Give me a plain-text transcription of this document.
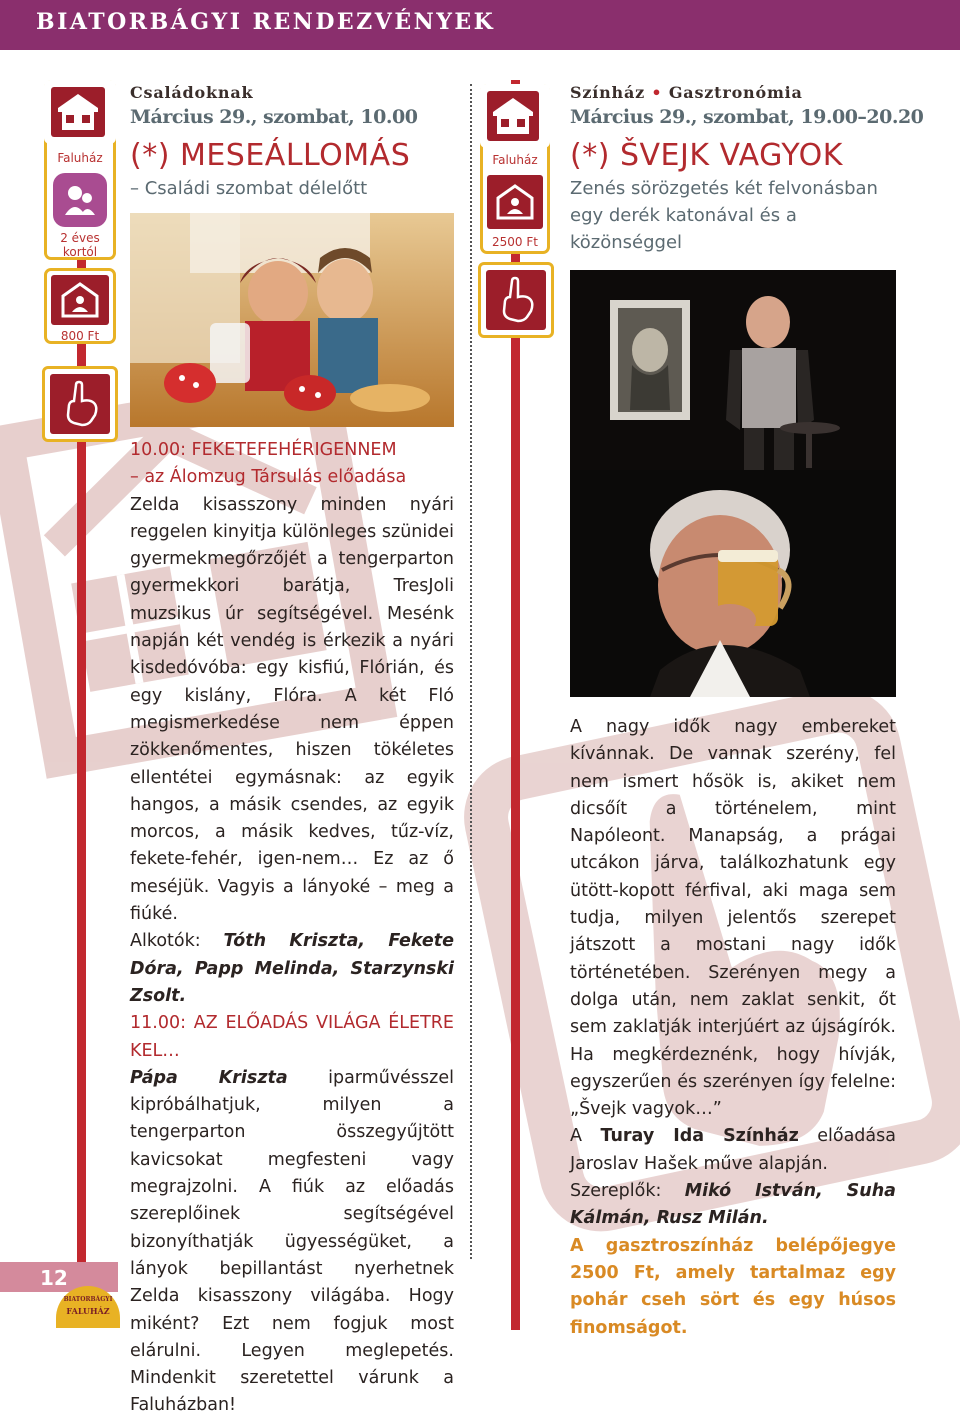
BIATORBÁGYI RENDEZVÉNYEK
Faluház
2 éves
kortól
800 Ft
Faluház
2500 Ft
Családoknak
Március 29., szombat, 10.00
(*) MESEÁLLOMÁS
– Családi szombat délelőtt

10.00: FEKETEFEHÉRIGENNEM

– az Álomzug Társulás előadása

Zelda kisasszony minden nyári reggelen kinyitja különleges szünidei gyermekmegőrzőjét a tengerparton gyermekkori barátja, TresJoli muzsikus úr segítségével. Mesénk napján két vendég is érkezik a nyári kisdedóvóba: egy kisfiú, Flórián, és egy kislány, Flóra. A két Fló megismerkedése nem éppen zökkenőmentes, hiszen tökéletes ellentétei egymásnak: az egyik hangos, a másik csendes, az egyik morcos, a másik kedves, tűz-víz, fekete-fehér, igen-nem… Ez az ő meséjük. Vagyis a lányoké – meg a fiúké.

Alkotók: Tóth Kriszta, Fekete Dóra, Papp Melinda, Starzynski Zsolt.

11.00: AZ ELŐADÁS VILÁGA ÉLETRE KEL…

Pápa Kriszta iparművésszel kipróbálhatjuk, milyen a tengerparton összegyűjtött kavicsokat megfesteni vagy megrajzolni. A fiúk az előadás szereplőinek segítségével bizonyíthatják ügyességüket, a lányok bepillantást nyerhetnek Zelda kisasszony világába. Hogy miként? Ezt nem fogjuk most elárulni. Legyen meglepetés. Mindenkit szeretettel várunk a Faluházban!

Színház • Gasztronómia
Március 29., szombat, 19.00–20.20
(*) ŠVEJK VAGYOK
Zenés sörözgetés két felvonásban egy derék katonával és a közönséggel

A nagy idők nagy embereket kívánnak. De vannak szerény, fel nem ismert hősök is, akiket nem dicsőít a történelem, mint Napóleont. Manapság, a prágai utcákon járva, találkozhatunk egy ütött-kopott férfival, aki maga sem tudja, milyen jelentős szerepet játszott a mostani nagy idők történetében. Szerényen megy a dolga után, nem zaklat senkit, őt sem zaklatják interjúért az újságírók. Ha megkérdeznénk, hogy hívják, egyszerűen és szerényen így felelne: „Švejk vagyok…”

A Turay Ida Színház előadása Jaroslav Hašek műve alapján.

Szereplők: Mikó István, Suha Kálmán, Rusz Milán.

A gasztroszínház belépőjegye 2500 Ft, amely tartalmaz egy pohár cseh sört és egy húsos finomságot.

12
BIATORBÁGYI
FALUHÁZ
